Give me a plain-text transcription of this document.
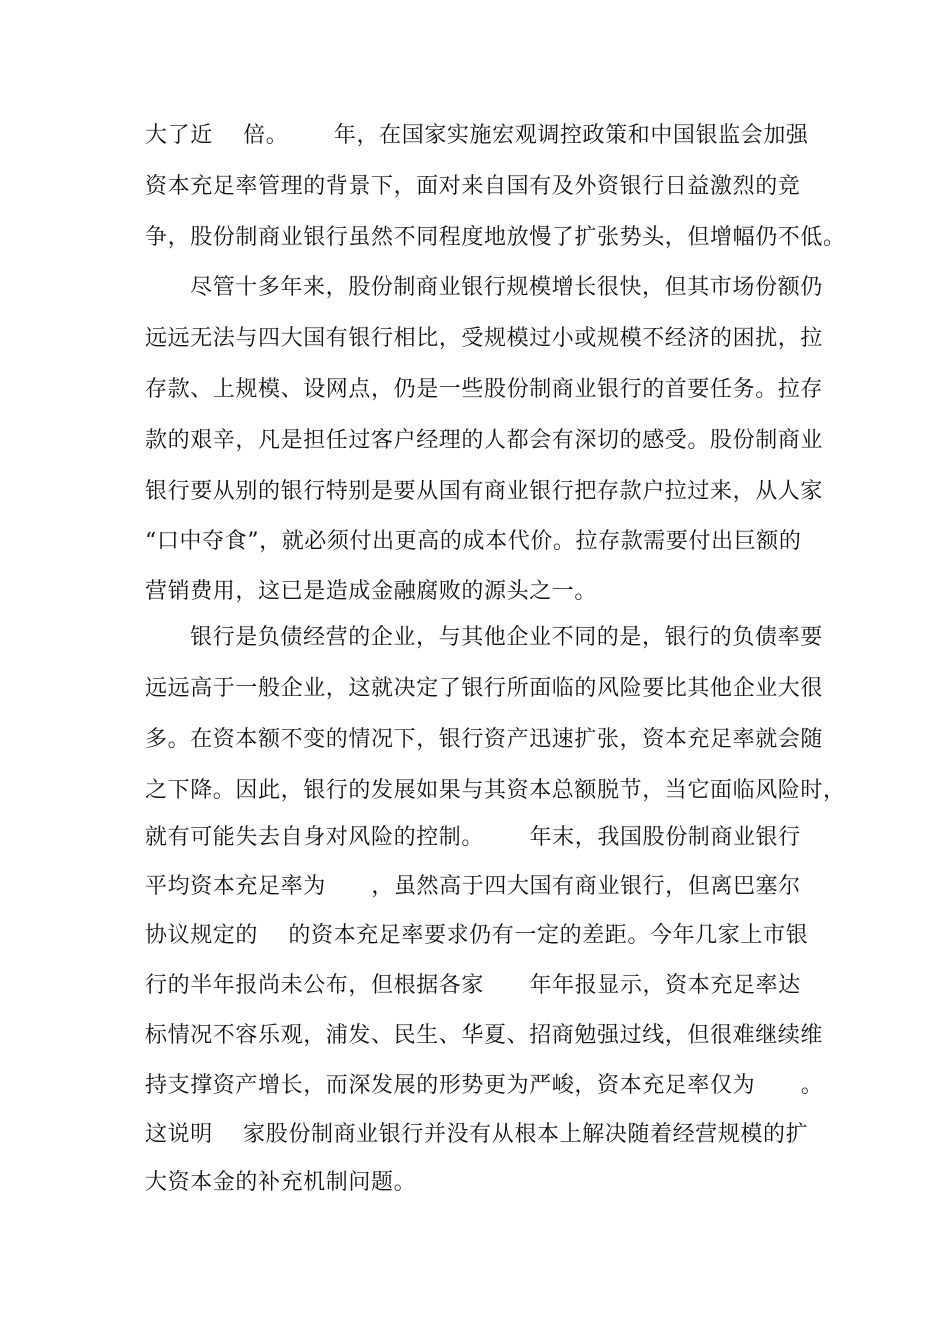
大了近    倍。      年，在国家实施宏观调控政策和中国银监会加强
资本充足率管理的背景下，面对来自国有及外资银行日益激烈的竞
争，股份制商业银行虽然不同程度地放慢了扩张势头，但增幅仍不低。
尽管十多年来，股份制商业银行规模增长很快，但其市场份额仍
远远无法与四大国有银行相比，受规模过小或规模不经济的困扰，拉
存款、上规模、设网点，仍是一些股份制商业银行的首要任务。拉存
款的艰辛，凡是担任过客户经理的人都会有深切的感受。股份制商业
银行要从别的银行特别是要从国有商业银行把存款户拉过来，从人家
“口中夺食”，就必须付出更高的成本代价。拉存款需要付出巨额的
营销费用，这已是造成金融腐败的源头之一。
银行是负债经营的企业，与其他企业不同的是，银行的负债率要
远远高于一般企业，这就决定了银行所面临的风险要比其他企业大很
多。在资本额不变的情况下，银行资产迅速扩张，资本充足率就会随
之下降。因此，银行的发展如果与其资本总额脱节，当它面临风险时，
就有可能失去自身对风险的控制。      年末，我国股份制商业银行
平均资本充足率为      ，虽然高于四大国有商业银行，但离巴塞尔
协议规定的    的资本充足率要求仍有一定的差距。今年几家上市银
行的半年报尚未公布，但根据各家      年年报显示，资本充足率达
标情况不容乐观，浦发、民生、华夏、招商勉强过线，但很难继续维
持支撑资产增长，而深发展的形势更为严峻，资本充足率仅为      。
这说明    家股份制商业银行并没有从根本上解决随着经营规模的扩
大资本金的补充机制问题。
